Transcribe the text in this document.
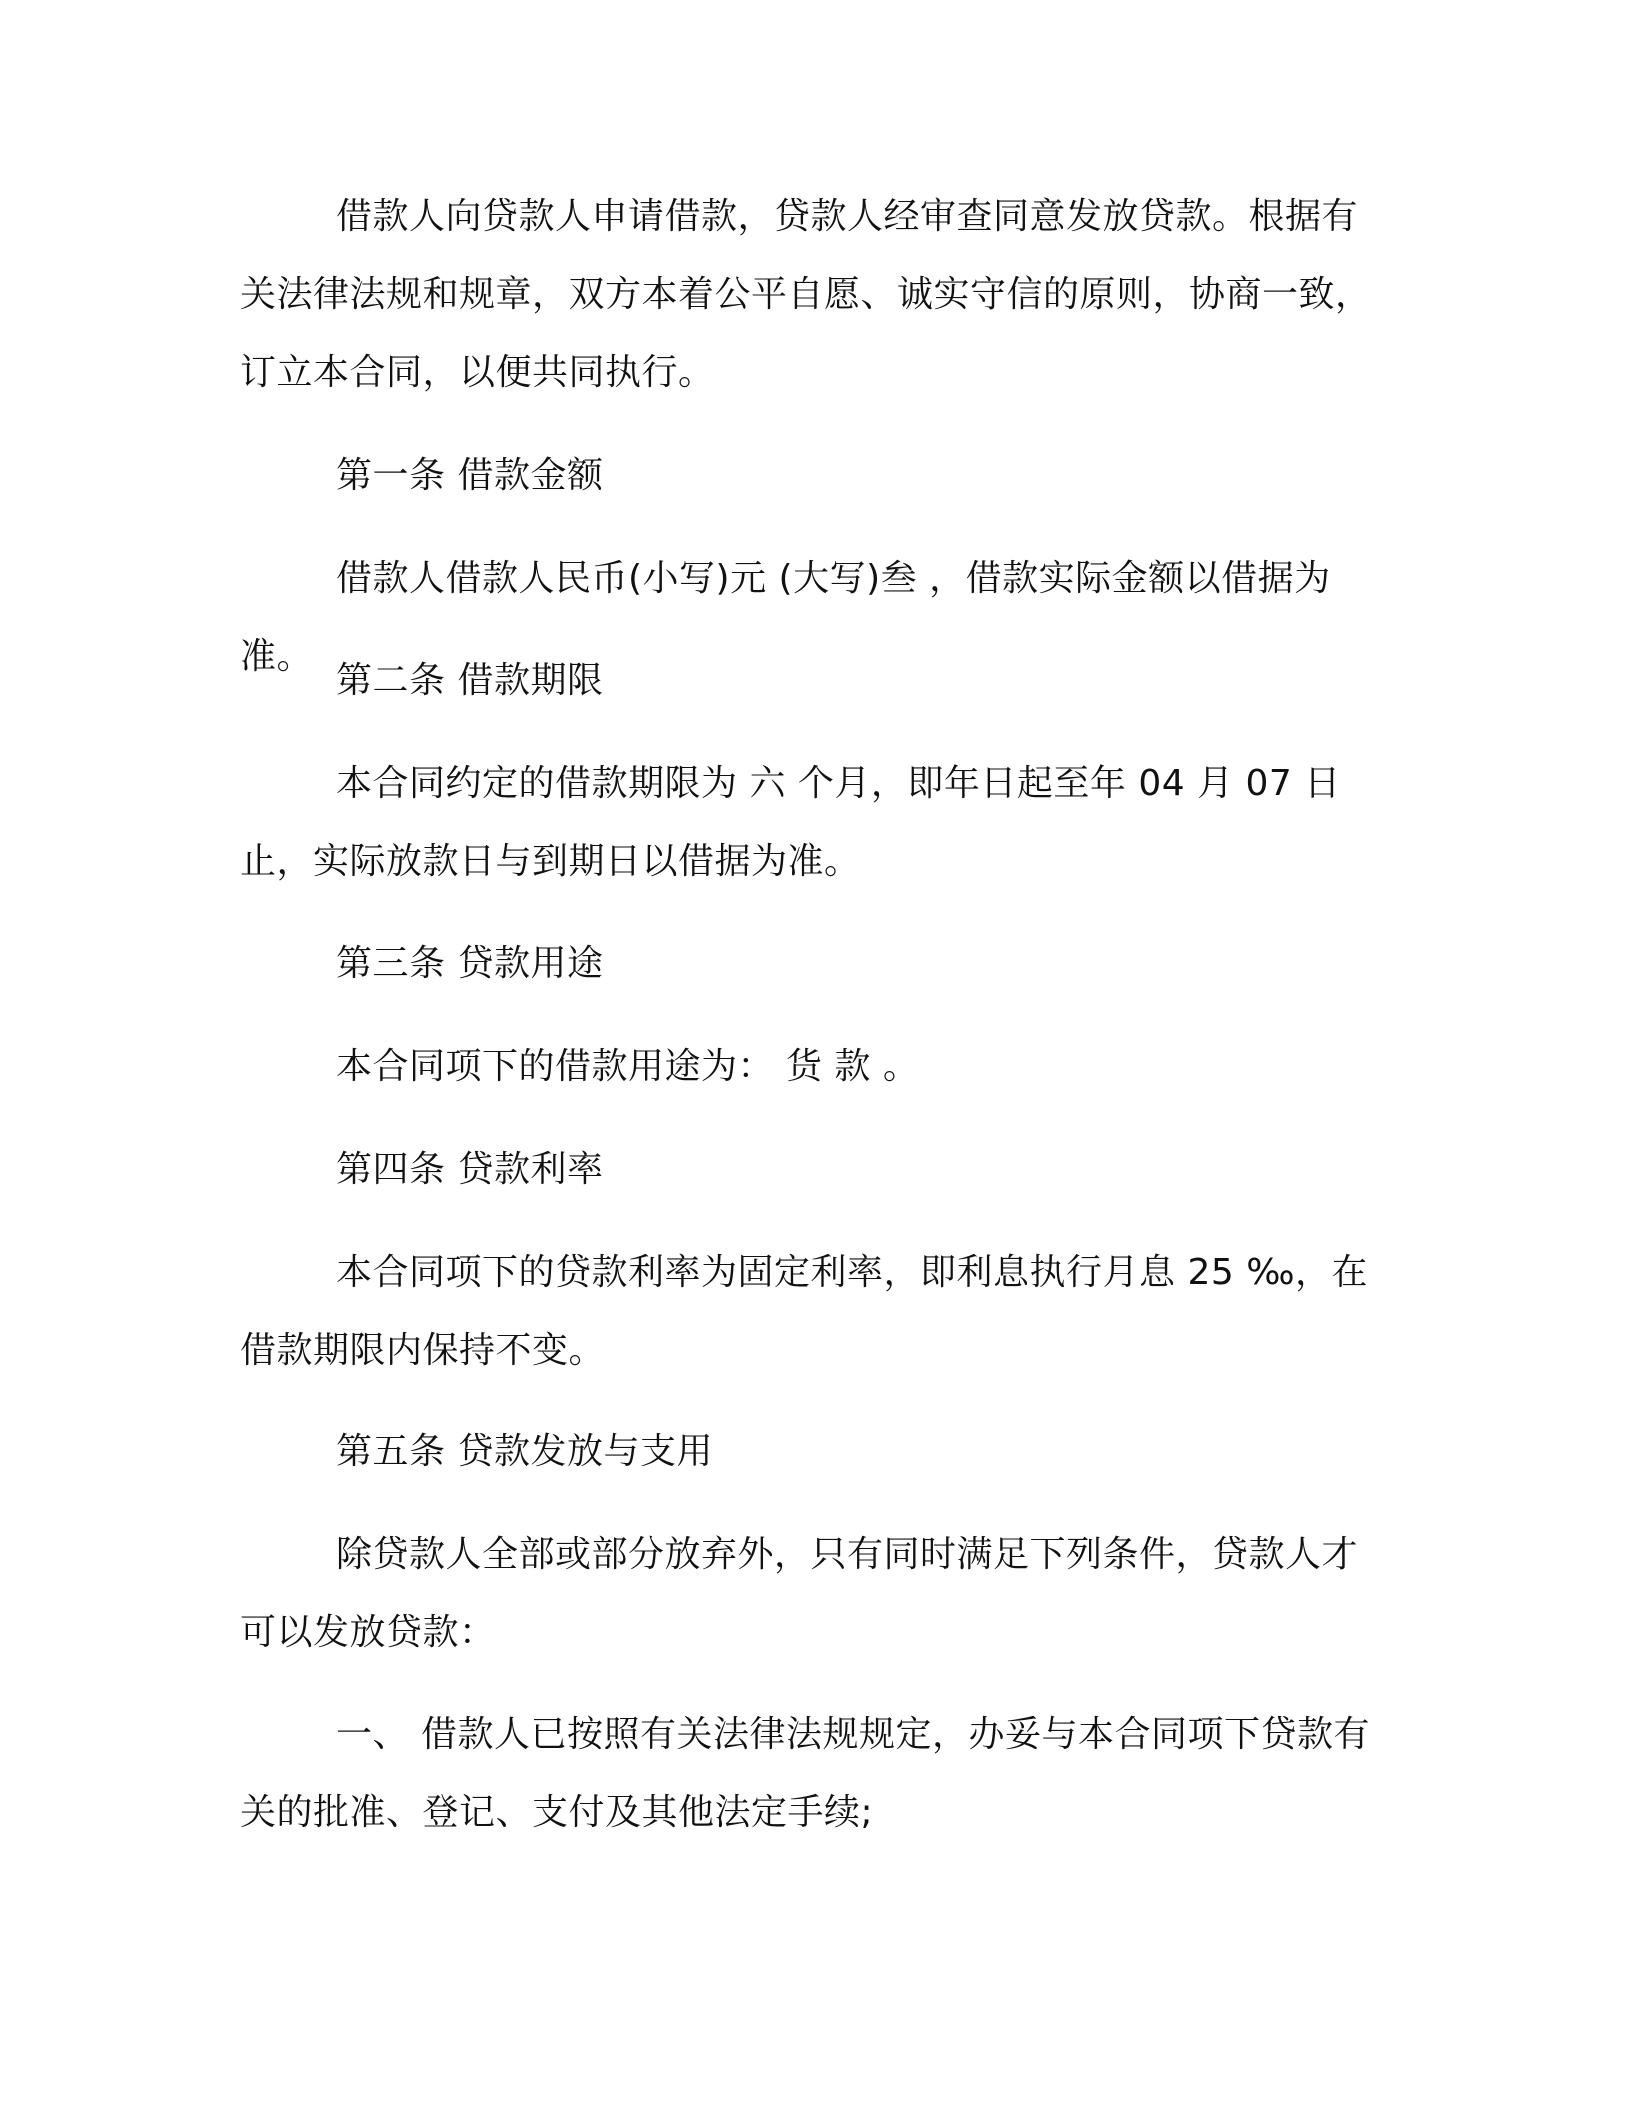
借款人向贷款人申请借款，贷款人经审查同意发放贷款。根据有关法律法规和规章，双方本着公平自愿、诚实守信的原则，协商一致，订立本合同，以便共同执行。

第一条 借款金额

借款人借款人民币(小写)元 (大写)叁 ，借款实际金额以借据为准。

第二条 借款期限

本合同约定的借款期限为 六 个月，即年日起至年 04 月 07 日止，实际放款日与到期日以借据为准。

第三条 贷款用途

本合同项下的借款用途为： 货 款 。

第四条 贷款利率

本合同项下的贷款利率为固定利率，即利息执行月息 25 ‰，在借款期限内保持不变。

第五条 贷款发放与支用

除贷款人全部或部分放弃外，只有同时满足下列条件，贷款人才可以发放贷款：

一、 借款人已按照有关法律法规规定，办妥与本合同项下贷款有关的批准、登记、支付及其他法定手续;
